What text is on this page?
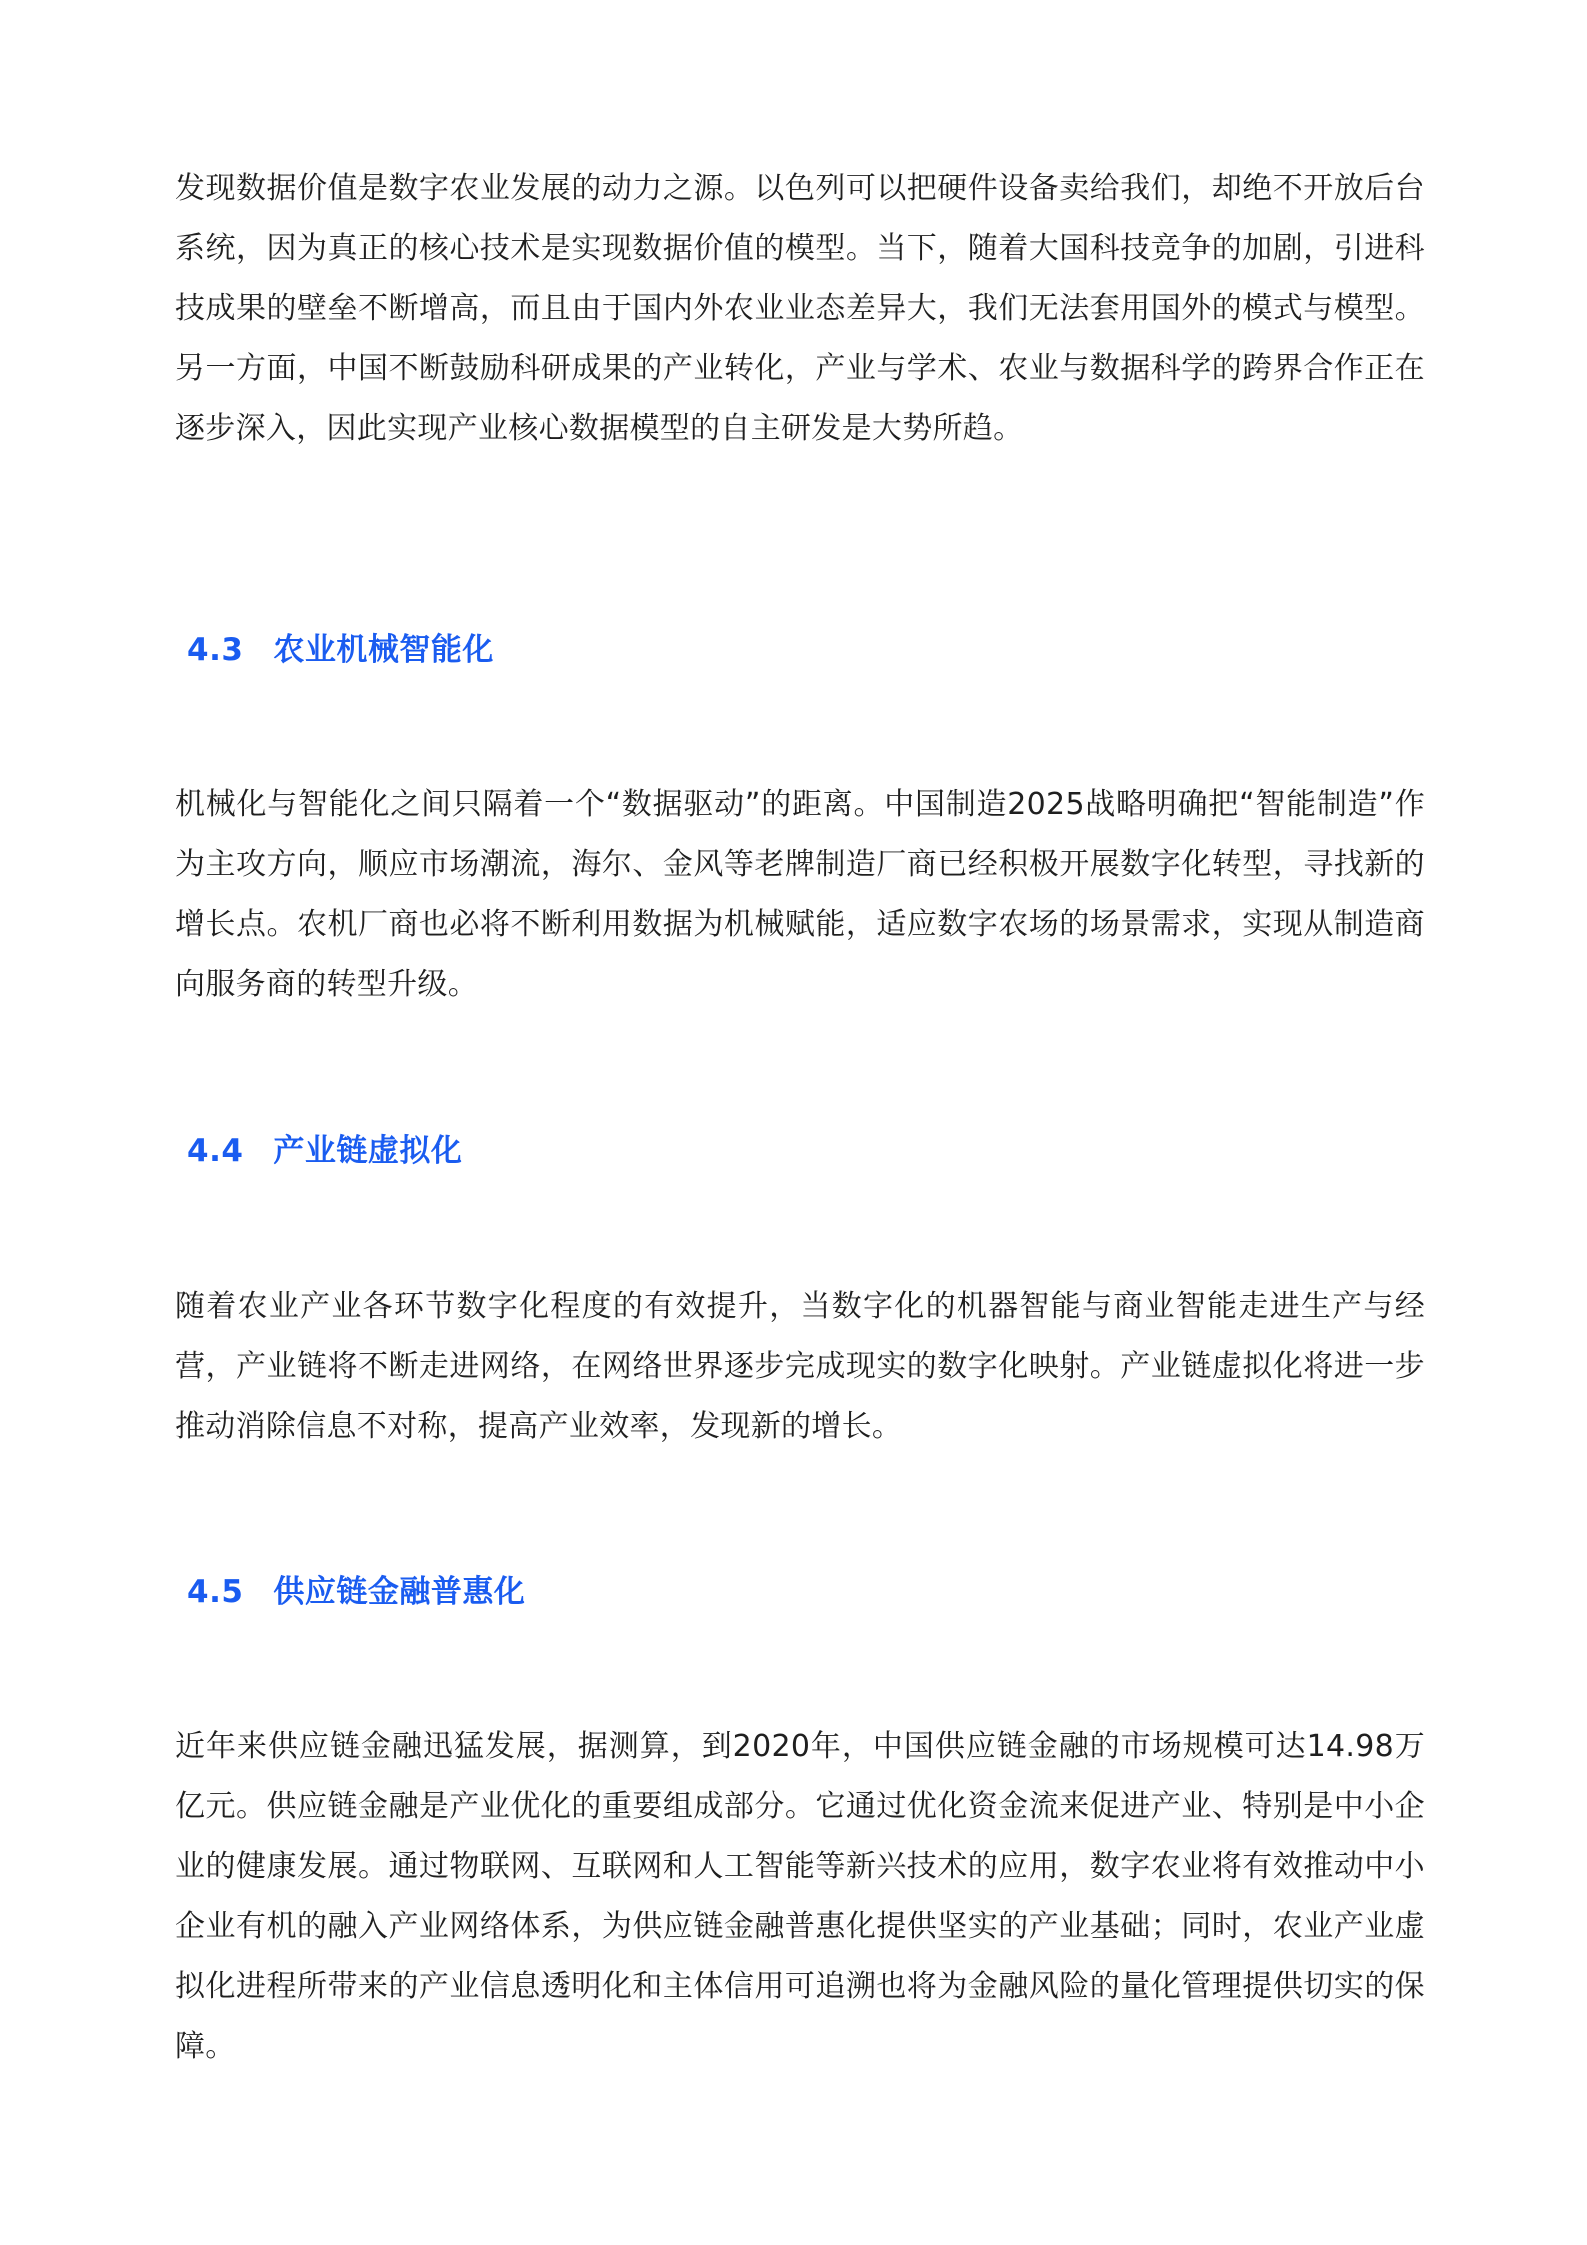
发现数据价值是数字农业发展的动力之源。以色列可以把硬件设备卖给我们，却绝不开放后台系统，因为真正的核心技术是实现数据价值的模型。当下，随着大国科技竞争的加剧，引进科技成果的壁垒不断增高，而且由于国内外农业业态差异大，我们无法套用国外的模式与模型。另一方面，中国不断鼓励科研成果的产业转化，产业与学术、农业与数据科学的跨界合作正在逐步深入，因此实现产业核心数据模型的自主研发是大势所趋。

4.3 农业机械智能化

机械化与智能化之间只隔着一个“数据驱动”的距离。中国制造2025战略明确把“智能制造”作为主攻方向，顺应市场潮流，海尔、金风等老牌制造厂商已经积极开展数字化转型，寻找新的增长点。农机厂商也必将不断利用数据为机械赋能，适应数字农场的场景需求，实现从制造商向服务商的转型升级。

4.4 产业链虚拟化

随着农业产业各环节数字化程度的有效提升，当数字化的机器智能与商业智能走进生产与经营，产业链将不断走进网络，在网络世界逐步完成现实的数字化映射。产业链虚拟化将进一步推动消除信息不对称，提高产业效率，发现新的增长。

4.5 供应链金融普惠化

近年来供应链金融迅猛发展，据测算，到2020年，中国供应链金融的市场规模可达14.98万亿元。供应链金融是产业优化的重要组成部分。它通过优化资金流来促进产业、特别是中小企业的健康发展。通过物联网、互联网和人工智能等新兴技术的应用，数字农业将有效推动中小企业有机的融入产业网络体系，为供应链金融普惠化提供坚实的产业基础；同时，农业产业虚拟化进程所带来的产业信息透明化和主体信用可追溯也将为金融风险的量化管理提供切实的保障。
